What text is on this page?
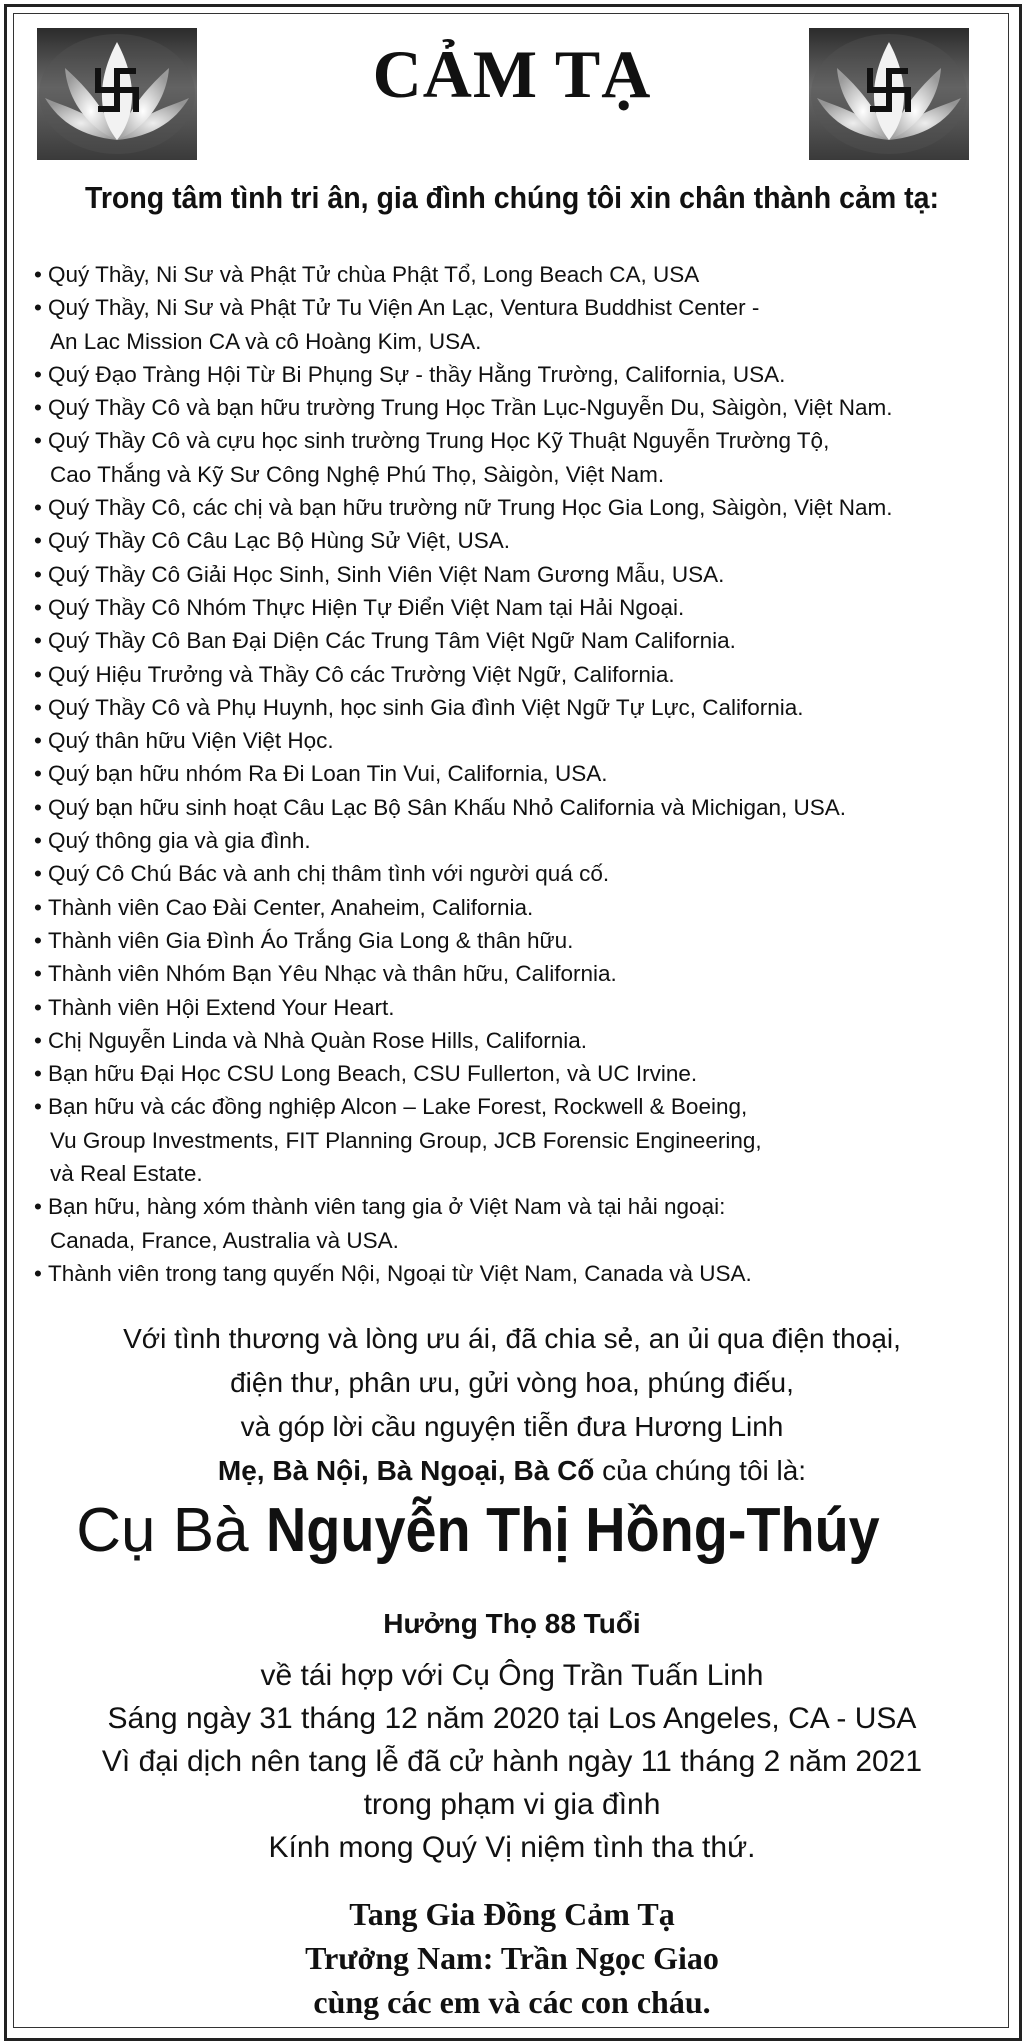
CẢM TẠ
Trong tâm tình tri ân, gia đình chúng tôi xin chân thành cảm tạ:
• Quý Thầy, Ni Sư và Phật Tử chùa Phật Tổ, Long Beach CA, USA
• Quý Thầy, Ni Sư và Phật Tử Tu Viện An Lạc, Ventura Buddhist Center -
An Lac Mission CA và cô Hoàng Kim, USA.
• Quý Đạo Tràng Hội Từ Bi Phụng Sự - thầy Hằng Trường, California, USA.
• Quý Thầy Cô và bạn hữu trường Trung Học Trần Lục-Nguyễn Du, Sàigòn, Việt Nam.
• Quý Thầy Cô và cựu học sinh trường Trung Học Kỹ Thuật Nguyễn Trường Tộ,
Cao Thắng và Kỹ Sư Công Nghệ Phú Thọ, Sàigòn, Việt Nam.
• Quý Thầy Cô, các chị và bạn hữu trường nữ Trung Học Gia Long, Sàigòn, Việt Nam.
• Quý Thầy Cô Câu Lạc Bộ Hùng Sử Việt, USA.
• Quý Thầy Cô Giải Học Sinh, Sinh Viên Việt Nam Gương Mẫu, USA.
• Quý Thầy Cô Nhóm Thực Hiện Tự Điển Việt Nam tại Hải Ngoại.
• Quý Thầy Cô Ban Đại Diện Các Trung Tâm Việt Ngữ Nam California.
• Quý Hiệu Trưởng và Thầy Cô các Trường Việt Ngữ, California.
• Quý Thầy Cô và Phụ Huynh, học sinh Gia đình Việt Ngữ Tự Lực, California.
• Quý thân hữu Viện Việt Học.
• Quý bạn hữu nhóm Ra Đi Loan Tin Vui, California, USA.
• Quý bạn hữu sinh hoạt Câu Lạc Bộ Sân Khấu Nhỏ California và Michigan, USA.
• Quý thông gia và gia đình.
• Quý Cô Chú Bác và anh chị thâm tình với người quá cố.
• Thành viên Cao Đài Center, Anaheim, California.
• Thành viên Gia Đình Áo Trắng Gia Long & thân hữu.
• Thành viên Nhóm Bạn Yêu Nhạc và thân hữu, California.
• Thành viên Hội Extend Your Heart.
• Chị Nguyễn Linda và Nhà Quàn Rose Hills, California.
• Bạn hữu Đại Học CSU Long Beach, CSU Fullerton, và UC Irvine.
• Bạn hữu và các đồng nghiệp Alcon – Lake Forest, Rockwell & Boeing,
Vu Group Investments, FIT Planning Group, JCB Forensic Engineering,
và Real Estate.
• Bạn hữu, hàng xóm thành viên tang gia ở Việt Nam và tại hải ngoại:
Canada, France, Australia và USA.
• Thành viên trong tang quyến Nội, Ngoại từ Việt Nam, Canada và USA.
Với tình thương và lòng ưu ái, đã chia sẻ, an ủi qua điện thoại,
điện thư, phân ưu, gửi vòng hoa, phúng điếu,
và góp lời cầu nguyện tiễn đưa Hương Linh
Mẹ, Bà Nội, Bà Ngoại, Bà Cố của chúng tôi là:
Cụ Bà Nguyễn Thị Hồng-Thúy
Hưởng Thọ 88 Tuổi
về tái hợp với Cụ Ông Trần Tuấn Linh
Sáng ngày 31 tháng 12 năm 2020 tại Los Angeles, CA - USA
Vì đại dịch nên tang lễ đã cử hành ngày 11 tháng 2 năm 2021
trong phạm vi gia đình
Kính mong Quý Vị niệm tình tha thứ.
Tang Gia Đồng Cảm Tạ
Trưởng Nam: Trần Ngọc Giao
cùng các em và các con cháu.
